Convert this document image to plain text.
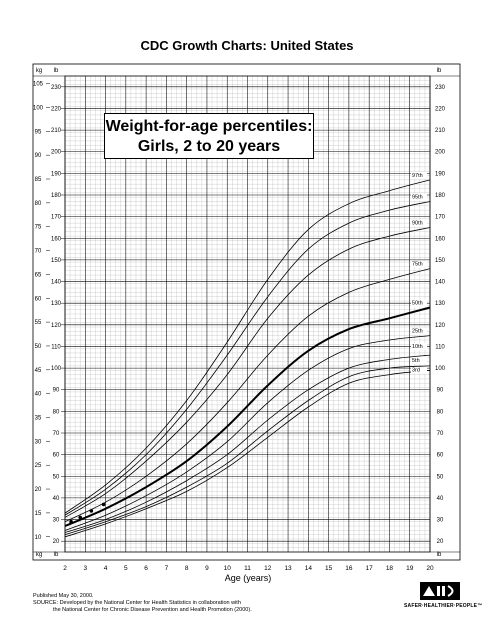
CDC Growth Charts: United States
kg lb	lb
kg lb	lb
20	20
30	30
40	40
50	50
60	60
70	70
80	80
90	90
100	100
110	110
120	120
130	130
140	140
150	150
160	160
170	170
180	180
190	190
200	200
210	210
220	220
230	230
10
15
20
25
30
35
40
45
50
55
60
65
70
75
80
85
90
95
100
105
2	3	4	5	6	7	8	9 10 11 12 13 14 15 16 17 18 19 20
3rd
5th
10th
25th
50th
75th
90th
95th
97th
Age (years)
Weight-for-age percentiles:
Girls, 2 to 20 years
Published May 30, 2000.
SOURCE: Developed by the National Center for Health Statistics in collaboration with
the National Center for Chronic Disease Prevention and Health Promotion (2000).
SAFER·HEALTHIER·PEOPLE™
